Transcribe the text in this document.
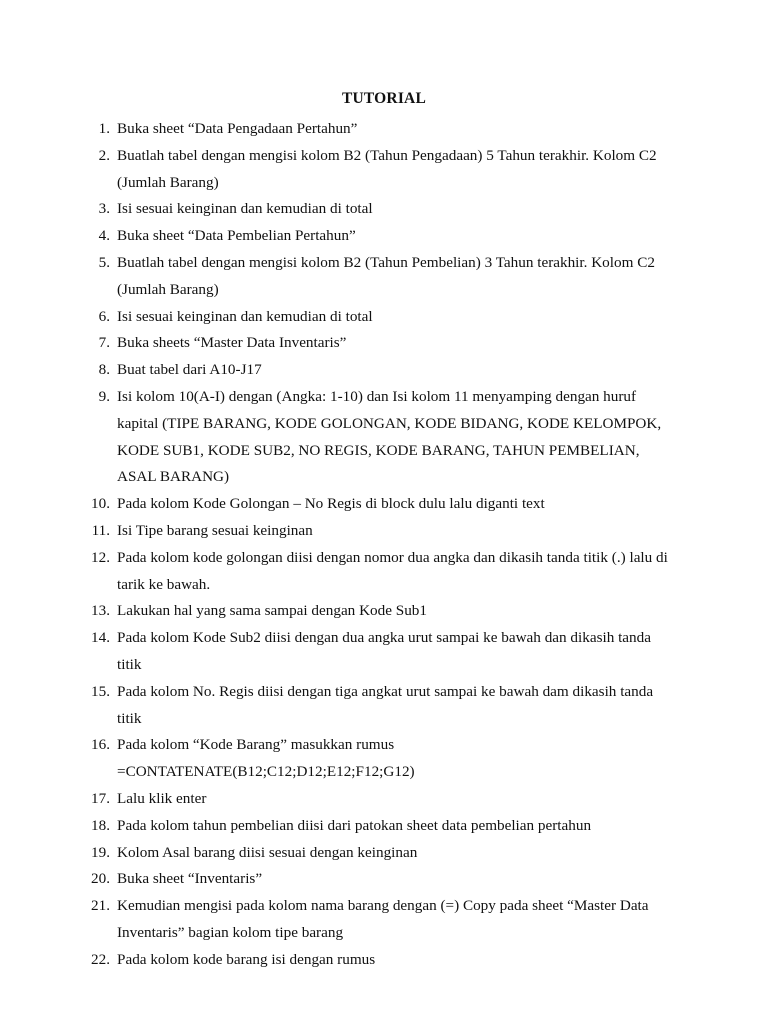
TUTORIAL
1. Buka sheet “Data Pengadaan Pertahun”
2. Buatlah tabel dengan mengisi kolom B2 (Tahun Pengadaan) 5 Tahun terakhir. Kolom C2
(Jumlah Barang)
3. Isi sesuai keinginan dan kemudian di total
4. Buka sheet “Data Pembelian Pertahun”
5. Buatlah tabel dengan mengisi kolom B2 (Tahun Pembelian) 3 Tahun terakhir. Kolom C2
(Jumlah Barang)
6. Isi sesuai keinginan dan kemudian di total
7. Buka sheets “Master Data Inventaris”
8. Buat tabel dari A10-J17
9. Isi kolom 10(A-I) dengan (Angka: 1-10) dan Isi kolom 11 menyamping dengan huruf
kapital (TIPE BARANG, KODE GOLONGAN, KODE BIDANG, KODE KELOMPOK,
KODE SUB1, KODE SUB2, NO REGIS, KODE BARANG, TAHUN PEMBELIAN,
ASAL BARANG)
10. Pada kolom Kode Golongan – No Regis di block dulu lalu diganti text
11. Isi Tipe barang sesuai keinginan
12. Pada kolom kode golongan diisi dengan nomor dua angka dan dikasih tanda titik (.) lalu di
tarik ke bawah.
13. Lakukan hal yang sama sampai dengan Kode Sub1
14. Pada kolom Kode Sub2 diisi dengan dua angka urut sampai ke bawah dan dikasih tanda titik
15. Pada kolom No. Regis diisi dengan tiga angkat urut sampai ke bawah dam dikasih tanda titik
16. Pada kolom “Kode Barang” masukkan rumus
=CONTATENATE(B12;C12;D12;E12;F12;G12)
17. Lalu klik enter
18. Pada kolom tahun pembelian diisi dari patokan sheet data pembelian pertahun
19. Kolom Asal barang diisi sesuai dengan keinginan
20. Buka sheet “Inventaris”
21. Kemudian mengisi pada kolom nama barang dengan (=) Copy pada sheet “Master Data
Inventaris” bagian kolom tipe barang
22. Pada kolom kode barang isi dengan rumus
